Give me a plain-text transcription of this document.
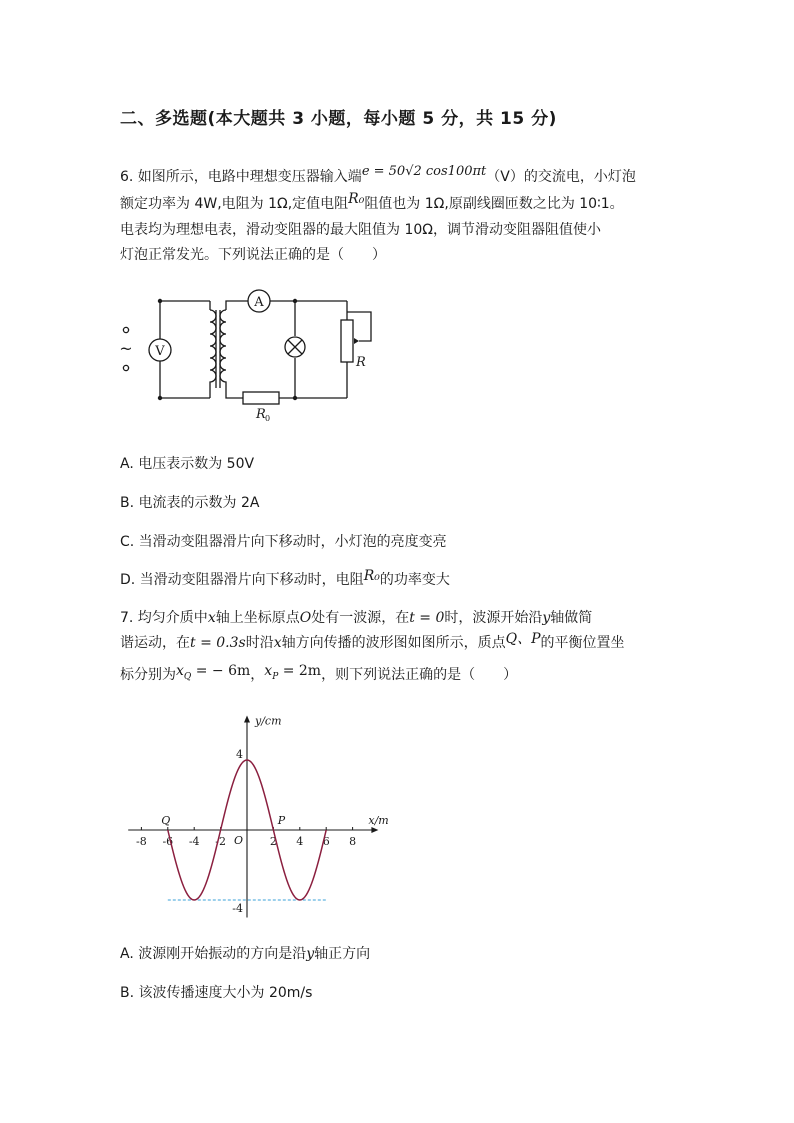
二、多选题(本大题共 3 小题，每小题 5 分，共 15 分)
6. 如图所示，电路中理想变压器输入端e = 50√2 cos100πt（V）的交流电，小灯泡
额定功率为 4W,电阻为 1Ω,定值电阻R₀阻值也为 1Ω,原副线圈匝数之比为 10∶1。
电表均为理想电表，滑动变阻器的最大阻值为 10Ω，调节滑动变阻器阻值使小
灯泡正常发光。下列说法正确的是（　　）
V
A
~
R
R 0
A. 电压表示数为 50V
B. 电流表的示数为 2A
C. 当滑动变阻器滑片向下移动时，小灯泡的亮度变亮
D. 当滑动变阻器滑片向下移动时，电阻R₀的功率变大
7. 均匀介质中x轴上坐标原点O处有一波源，在t = 0时，波源开始沿y轴做简
谐运动，在t = 0.3s时沿x轴方向传播的波形图如图所示，质点Q、P的平衡位置坐
标分别为$x_Q$ = − 6m，$x_P = 2m$，则下列说法正确的是（　　）
y/cm
x/m
-8 -6 -4 -2	2 4 6 8
4
-4
O
Q	P
A. 波源刚开始振动的方向是沿y轴正方向
B. 该波传播速度大小为 20m/s
